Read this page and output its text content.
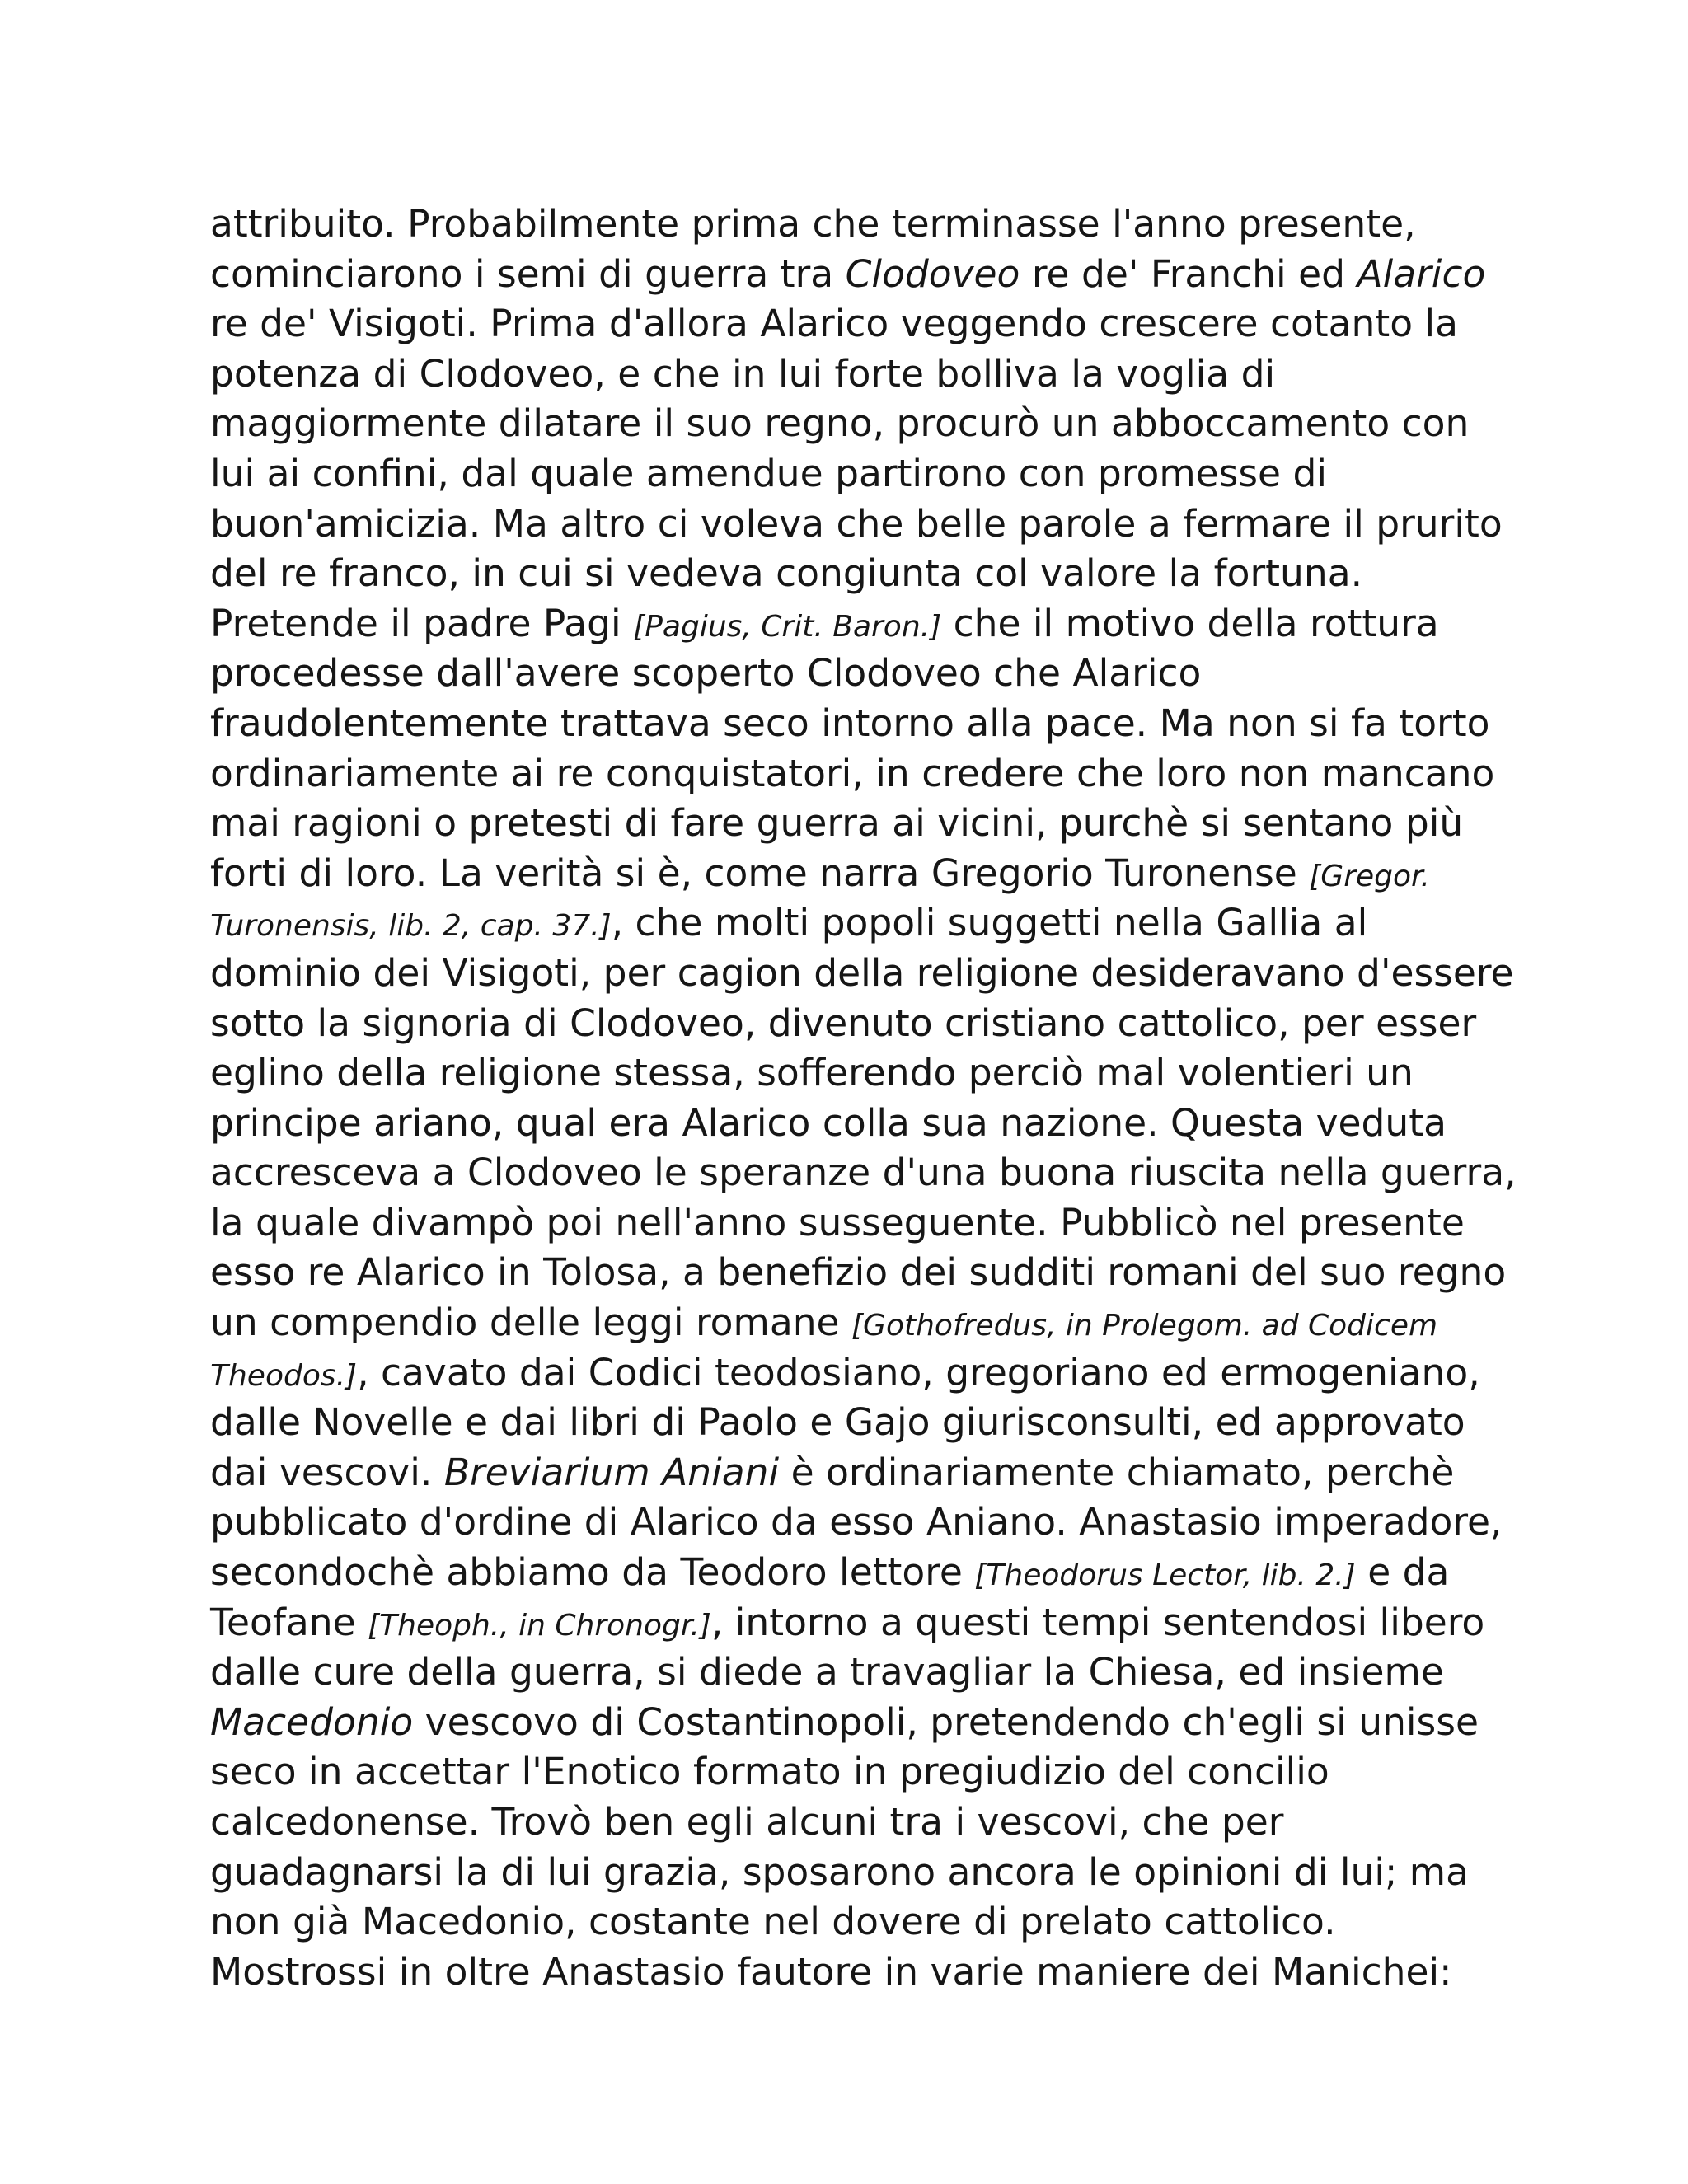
attribuito. Probabilmente prima che terminasse l'anno presente,
cominciarono i semi di guerra tra Clodoveo re de' Franchi ed Alarico
re de' Visigoti. Prima d'allora Alarico veggendo crescere cotanto la
potenza di Clodoveo, e che in lui forte bolliva la voglia di
maggiormente dilatare il suo regno, procurò un abboccamento con
lui ai confini, dal quale amendue partirono con promesse di
buon'amicizia. Ma altro ci voleva che belle parole a fermare il prurito
del re franco, in cui si vedeva congiunta col valore la fortuna.
Pretende il padre Pagi [Pagius, Crit. Baron.] che il motivo della rottura
procedesse dall'avere scoperto Clodoveo che Alarico
fraudolentemente trattava seco intorno alla pace. Ma non si fa torto
ordinariamente ai re conquistatori, in credere che loro non mancano
mai ragioni o pretesti di fare guerra ai vicini, purchè si sentano più
forti di loro. La verità si è, come narra Gregorio Turonense [Gregor.
Turonensis, lib. 2, cap. 37.], che molti popoli suggetti nella Gallia al
dominio dei Visigoti, per cagion della religione desideravano d'essere
sotto la signoria di Clodoveo, divenuto cristiano cattolico, per esser
eglino della religione stessa, sofferendo perciò mal volentieri un
principe ariano, qual era Alarico colla sua nazione. Questa veduta
accresceva a Clodoveo le speranze d'una buona riuscita nella guerra,
la quale divampò poi nell'anno susseguente. Pubblicò nel presente
esso re Alarico in Tolosa, a benefizio dei sudditi romani del suo regno
un compendio delle leggi romane [Gothofredus, in Prolegom. ad Codicem
Theodos.], cavato dai Codici teodosiano, gregoriano ed ermogeniano,
dalle Novelle e dai libri di Paolo e Gajo giurisconsulti, ed approvato
dai vescovi. Breviarium Aniani è ordinariamente chiamato, perchè
pubblicato d'ordine di Alarico da esso Aniano. Anastasio imperadore,
secondochè abbiamo da Teodoro lettore [Theodorus Lector, lib. 2.] e da
Teofane [Theoph., in Chronogr.], intorno a questi tempi sentendosi libero
dalle cure della guerra, si diede a travagliar la Chiesa, ed insieme
Macedonio vescovo di Costantinopoli, pretendendo ch'egli si unisse
seco in accettar l'Enotico formato in pregiudizio del concilio
calcedonense. Trovò ben egli alcuni tra i vescovi, che per
guadagnarsi la di lui grazia, sposarono ancora le opinioni di lui; ma
non già Macedonio, costante nel dovere di prelato cattolico.
Mostrossi in oltre Anastasio fautore in varie maniere dei Manichei:
